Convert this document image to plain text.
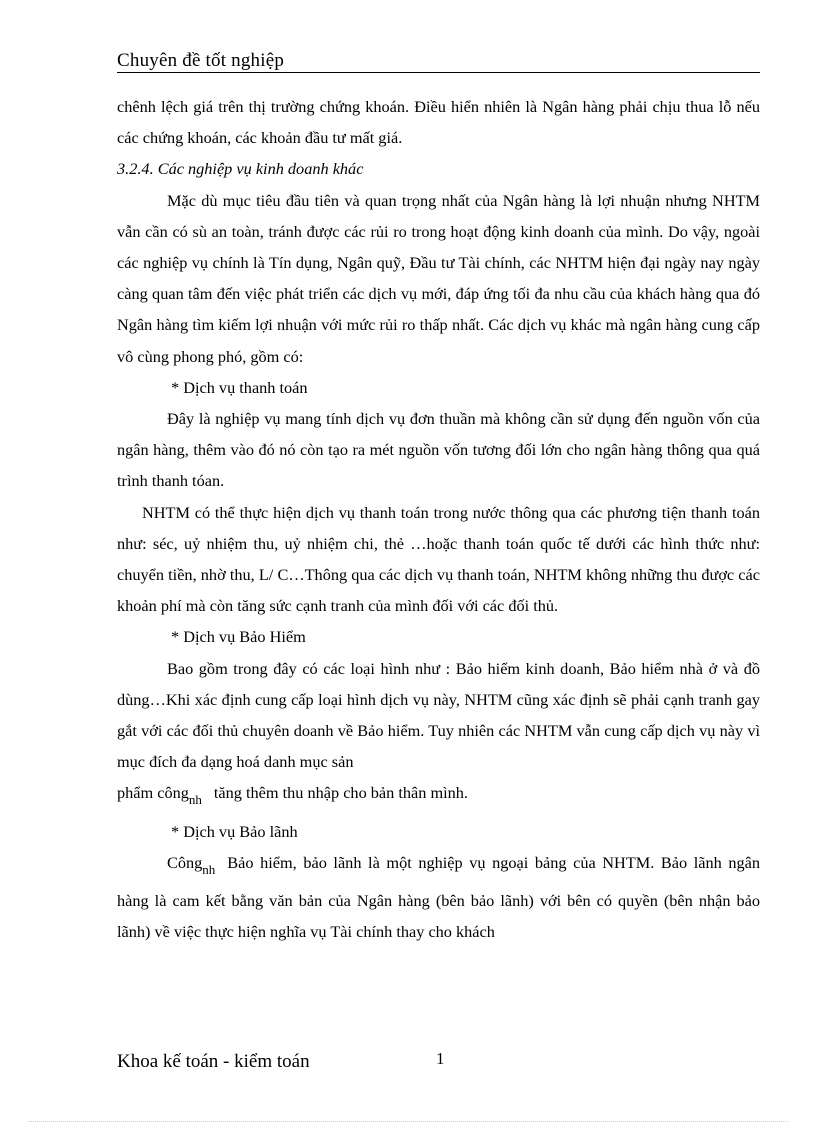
Chuyên đề tốt nghiệp

chênh lệch giá trên thị trường chứng khoán. Điều hiển nhiên là Ngân hàng phải chịu thua lỗ nếu các chứng khoán, các khoản đầu tư mất giá.

3.2.4. Các nghiệp vụ kinh doanh khác

Mặc dù mục tiêu đầu tiên và quan trọng nhất của Ngân hàng là lợi nhuận nhưng NHTM vẫn cần có sù an toàn, tránh được các rủi ro trong hoạt động kinh doanh của mình. Do vậy, ngoài các nghiệp vụ chính là Tín dụng, Ngân quỹ, Đầu tư Tài chính, các NHTM hiện đại ngày nay ngày càng quan tâm đến việc phát triển các dịch vụ mới, đáp ứng tối đa nhu cầu của khách hàng qua đó Ngân hàng tìm kiếm lợi nhuận với mức rủi ro thấp nhất. Các dịch vụ khác mà ngân hàng cung cấp vô cùng phong phó, gồm có:

* Dịch vụ thanh toán

Đây là nghiệp vụ mang tính dịch vụ đơn thuần mà không cần sử dụng đến nguồn vốn của ngân hàng, thêm vào đó nó còn tạo ra mét nguồn vốn tương đối lớn cho ngân hàng thông qua quá trình thanh tóan.

NHTM có thể thực hiện dịch vụ thanh toán trong nước thông qua các phương tiện thanh toán như: séc, uỷ nhiệm thu, uỷ nhiệm chi, thẻ …hoặc thanh toán quốc tế dưới các hình thức như: chuyển tiền, nhờ thu, L/ C…Thông qua các dịch vụ thanh toán, NHTM không những thu được các khoản phí mà còn tăng sức cạnh tranh của mình đối với các đối thủ.

* Dịch vụ Bảo Hiểm

Bao gồm trong đây có các loại hình như : Bảo hiểm kinh doanh, Bảo hiểm nhà ở và đồ dùng…Khi xác định cung cấp loại hình dịch vụ này, NHTM cũng xác định sẽ phải cạnh tranh gay gắt với các đối thủ chuyên doanh về Bảo hiểm. Tuy nhiên các NHTM vẫn cung cấp dịch vụ này vì mục đích đa dạng hoá danh mục sản

phẩm công$_{nh}$ tăng thêm thu nhập cho bản thân mình.

* Dịch vụ Bảo lãnh

Công$_{nh}$ Bảo hiểm, bảo lãnh là một nghiệp vụ ngoại bảng của NHTM. Bảo lãnh ngân hàng là cam kết bằng văn bản của Ngân hàng (bên bảo lãnh) với bên có quyền (bên nhận bảo lãnh) về việc thực hiện nghĩa vụ Tài chính thay cho khách

Khoa kế toán - kiểm toán	1
